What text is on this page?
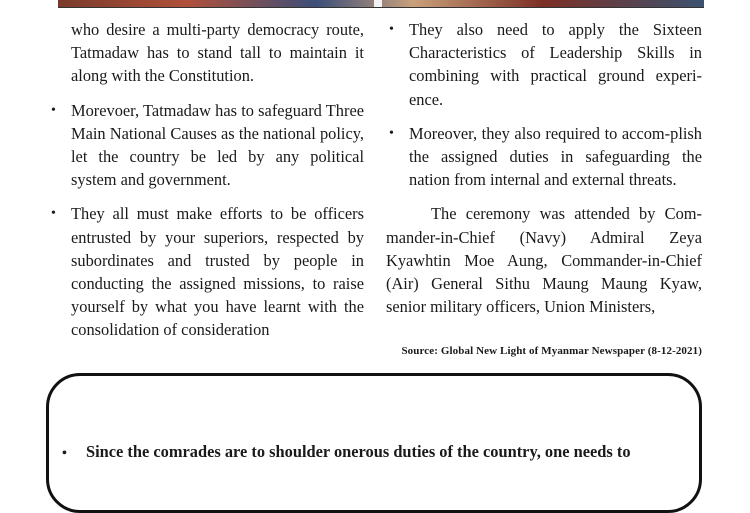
who desire a multi-party democracy route, Tatmadaw has to stand tall to maintain it along with the Constitution.

• Morevoer, Tatmadaw has to safeguard Three Main National Causes as the national policy, let the country be led by any political system and government.
• They all must make efforts to be officers entrusted by your superiors, respected by subordinates and trusted by people in conducting the assigned missions, to raise yourself by what you have learnt with the consolidation of consideration
• They also need to apply the Sixteen Characteristics of Leadership Skills in combining with practical ground experi-ence.
• Moreover, they also required to accom-plish the assigned duties in safeguarding the nation from internal and external threats.

The ceremony was attended by Com-mander-in-Chief (Navy) Admiral Zeya Kyawhtin Moe Aung, Commander-in-Chief (Air) General Sithu Maung Maung Kyaw, senior military officers, Union Ministers,

Source: Global New Light of Myanmar Newspaper (8-12-2021)
• Since the comrades are to shoulder onerous duties of the country, one needs to
